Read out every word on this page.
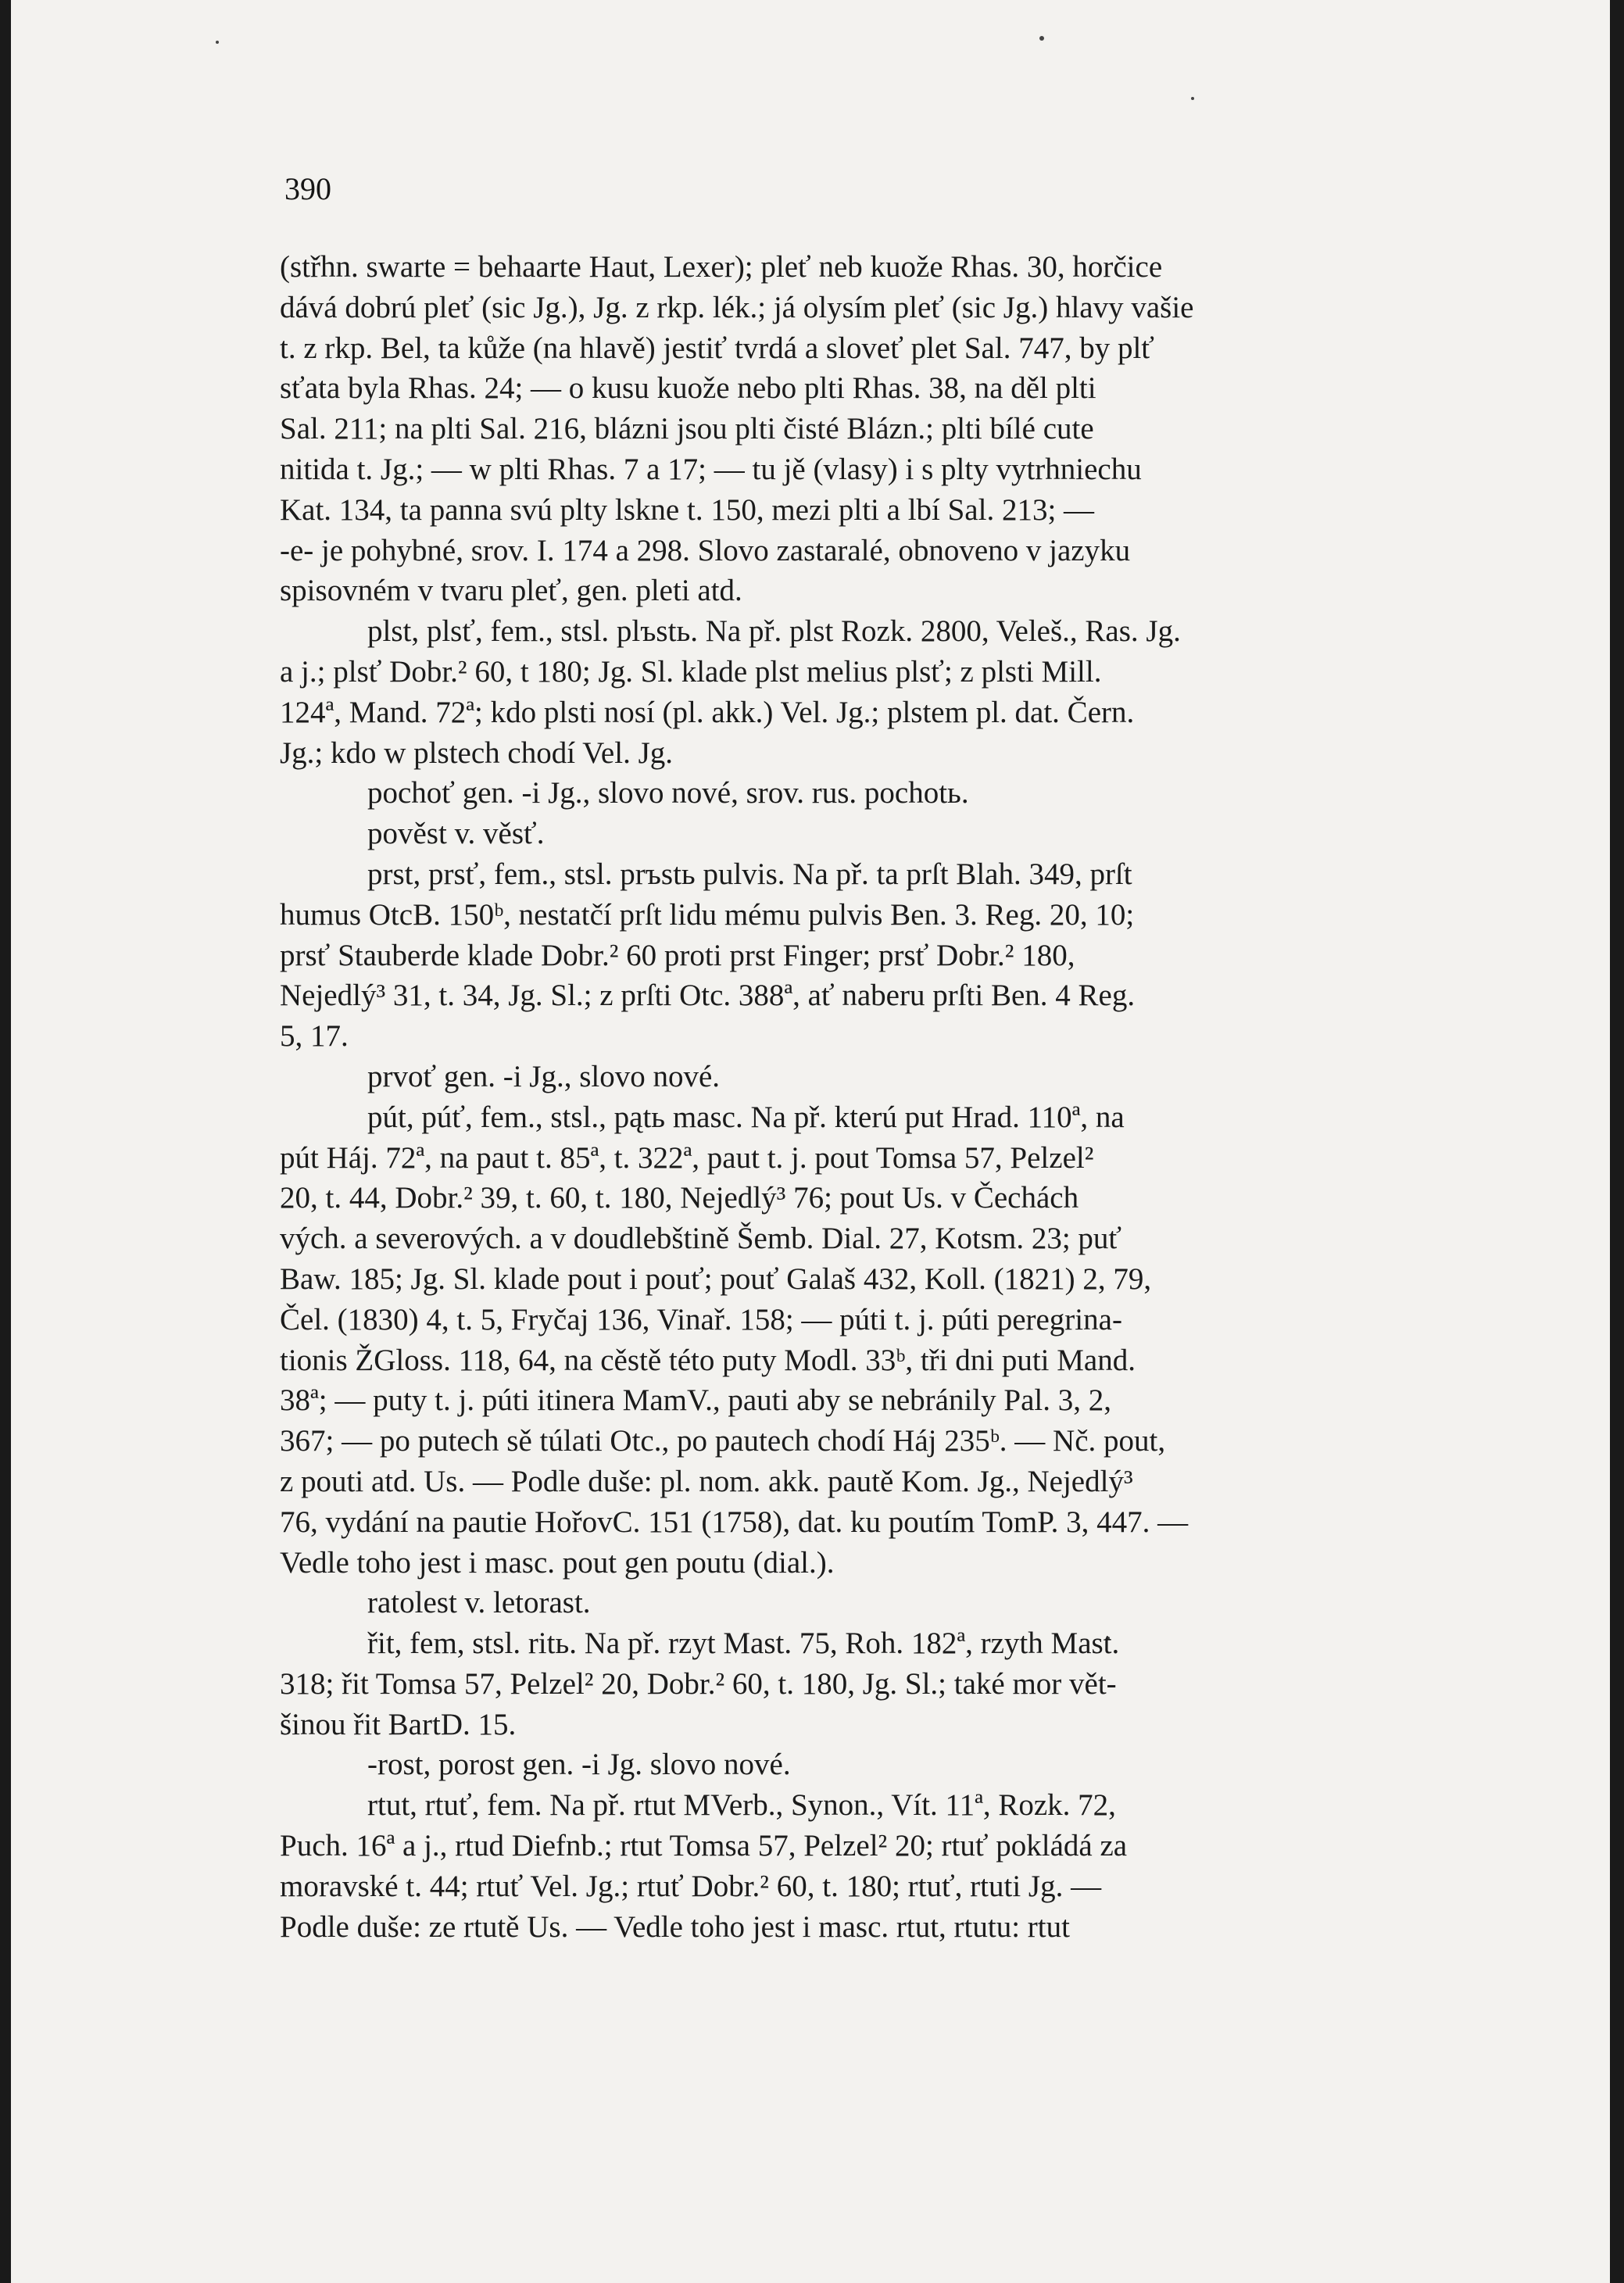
390
(střhn. swarte = behaarte Haut, Lexer); pleť neb kuože Rhas. 30, horčice
dává dobrú pleť (sic Jg.), Jg. z rkp. lék.; já olysím pleť (sic Jg.) hlavy vašie
t. z rkp. Bel, ta kůže (na hlavě) jestiť tvrdá a sloveť plet Sal. 747, by plť
sťata byla Rhas. 24; — o kusu kuože nebo plti Rhas. 38, na děl plti
Sal. 211; na plti Sal. 216, blázni jsou plti čisté Blázn.; plti bílé cute
nitida t. Jg.; — w plti Rhas. 7 a 17; — tu jě (vlasy) i s plty vytrhniechu
Kat. 134, ta panna svú plty lskne t. 150, mezi plti a lbí Sal. 213; —
-e- je pohybné, srov. I. 174 a 298. Slovo zastaralé, obnoveno v jazyku
spisovném v tvaru pleť, gen. pleti atd.
plst, plsť, fem., stsl. plъstь. Na př. plst Rozk. 2800, Veleš., Ras. Jg.
a j.; plsť Dobr.² 60, t 180; Jg. Sl. klade plst melius plsť; z plsti Mill.
124ª, Mand. 72ª; kdo plsti nosí (pl. akk.) Vel. Jg.; plstem pl. dat. Čern.
Jg.; kdo w plstech chodí Vel. Jg.
pochoť gen. -i Jg., slovo nové, srov. rus. pochotь.
pověst v. věsť.
prst, prsť, fem., stsl. prъstь pulvis. Na př. ta prſt Blah. 349, prſt
humus OtcB. 150ᵇ, nestatčí prſt lidu mému pulvis Ben. 3. Reg. 20, 10;
prsť Stauberde klade Dobr.² 60 proti prst Finger; prsť Dobr.² 180,
Nejedlý³ 31, t. 34, Jg. Sl.; z prſti Otc. 388ª, ať naberu prſti Ben. 4 Reg.
5, 17.
prvoť gen. -i Jg., slovo nové.
pút, púť, fem., stsl., pątь masc. Na př. kterú put Hrad. 110ª, na
pút Háj. 72ª, na paut t. 85ª, t. 322ª, paut t. j. pout Tomsa 57, Pelzel²
20, t. 44, Dobr.² 39, t. 60, t. 180, Nejedlý³ 76; pout Us. v Čechách
vých. a severových. a v doudlebštině Šemb. Dial. 27, Kotsm. 23; puť
Baw. 185; Jg. Sl. klade pout i pouť; pouť Galaš 432, Koll. (1821) 2, 79,
Čel. (1830) 4, t. 5, Fryčaj 136, Vinař. 158; — púti t. j. púti peregrina-
tionis ŽGloss. 118, 64, na cěstě této puty Modl. 33ᵇ, tři dni puti Mand.
38ª; — puty t. j. púti itinera MamV., pauti aby se nebránily Pal. 3, 2,
367; — po putech sě túlati Otc., po pautech chodí Háj 235ᵇ. — Nč. pout,
z pouti atd. Us. — Podle duše: pl. nom. akk. pautě Kom. Jg., Nejedlý³
76, vydání na pautie HořovC. 151 (1758), dat. ku poutím TomP. 3, 447. —
Vedle toho jest i masc. pout gen poutu (dial.).
ratolest v. letorast.
řit, fem, stsl. ritь. Na př. rzyt Mast. 75, Roh. 182ª, rzyth Mast.
318; řit Tomsa 57, Pelzel² 20, Dobr.² 60, t. 180, Jg. Sl.; také mor vět-
šinou řit BartD. 15.
-rost, porost gen. -i Jg. slovo nové.
rtut, rtuť, fem. Na př. rtut MVerb., Synon., Vít. 11ª, Rozk. 72,
Puch. 16ª a j., rtud Diefnb.; rtut Tomsa 57, Pelzel² 20; rtuť pokládá za
moravské t. 44; rtuť Vel. Jg.; rtuť Dobr.² 60, t. 180; rtuť, rtuti Jg. —
Podle duše: ze rtutě Us. — Vedle toho jest i masc. rtut, rtutu: rtut
